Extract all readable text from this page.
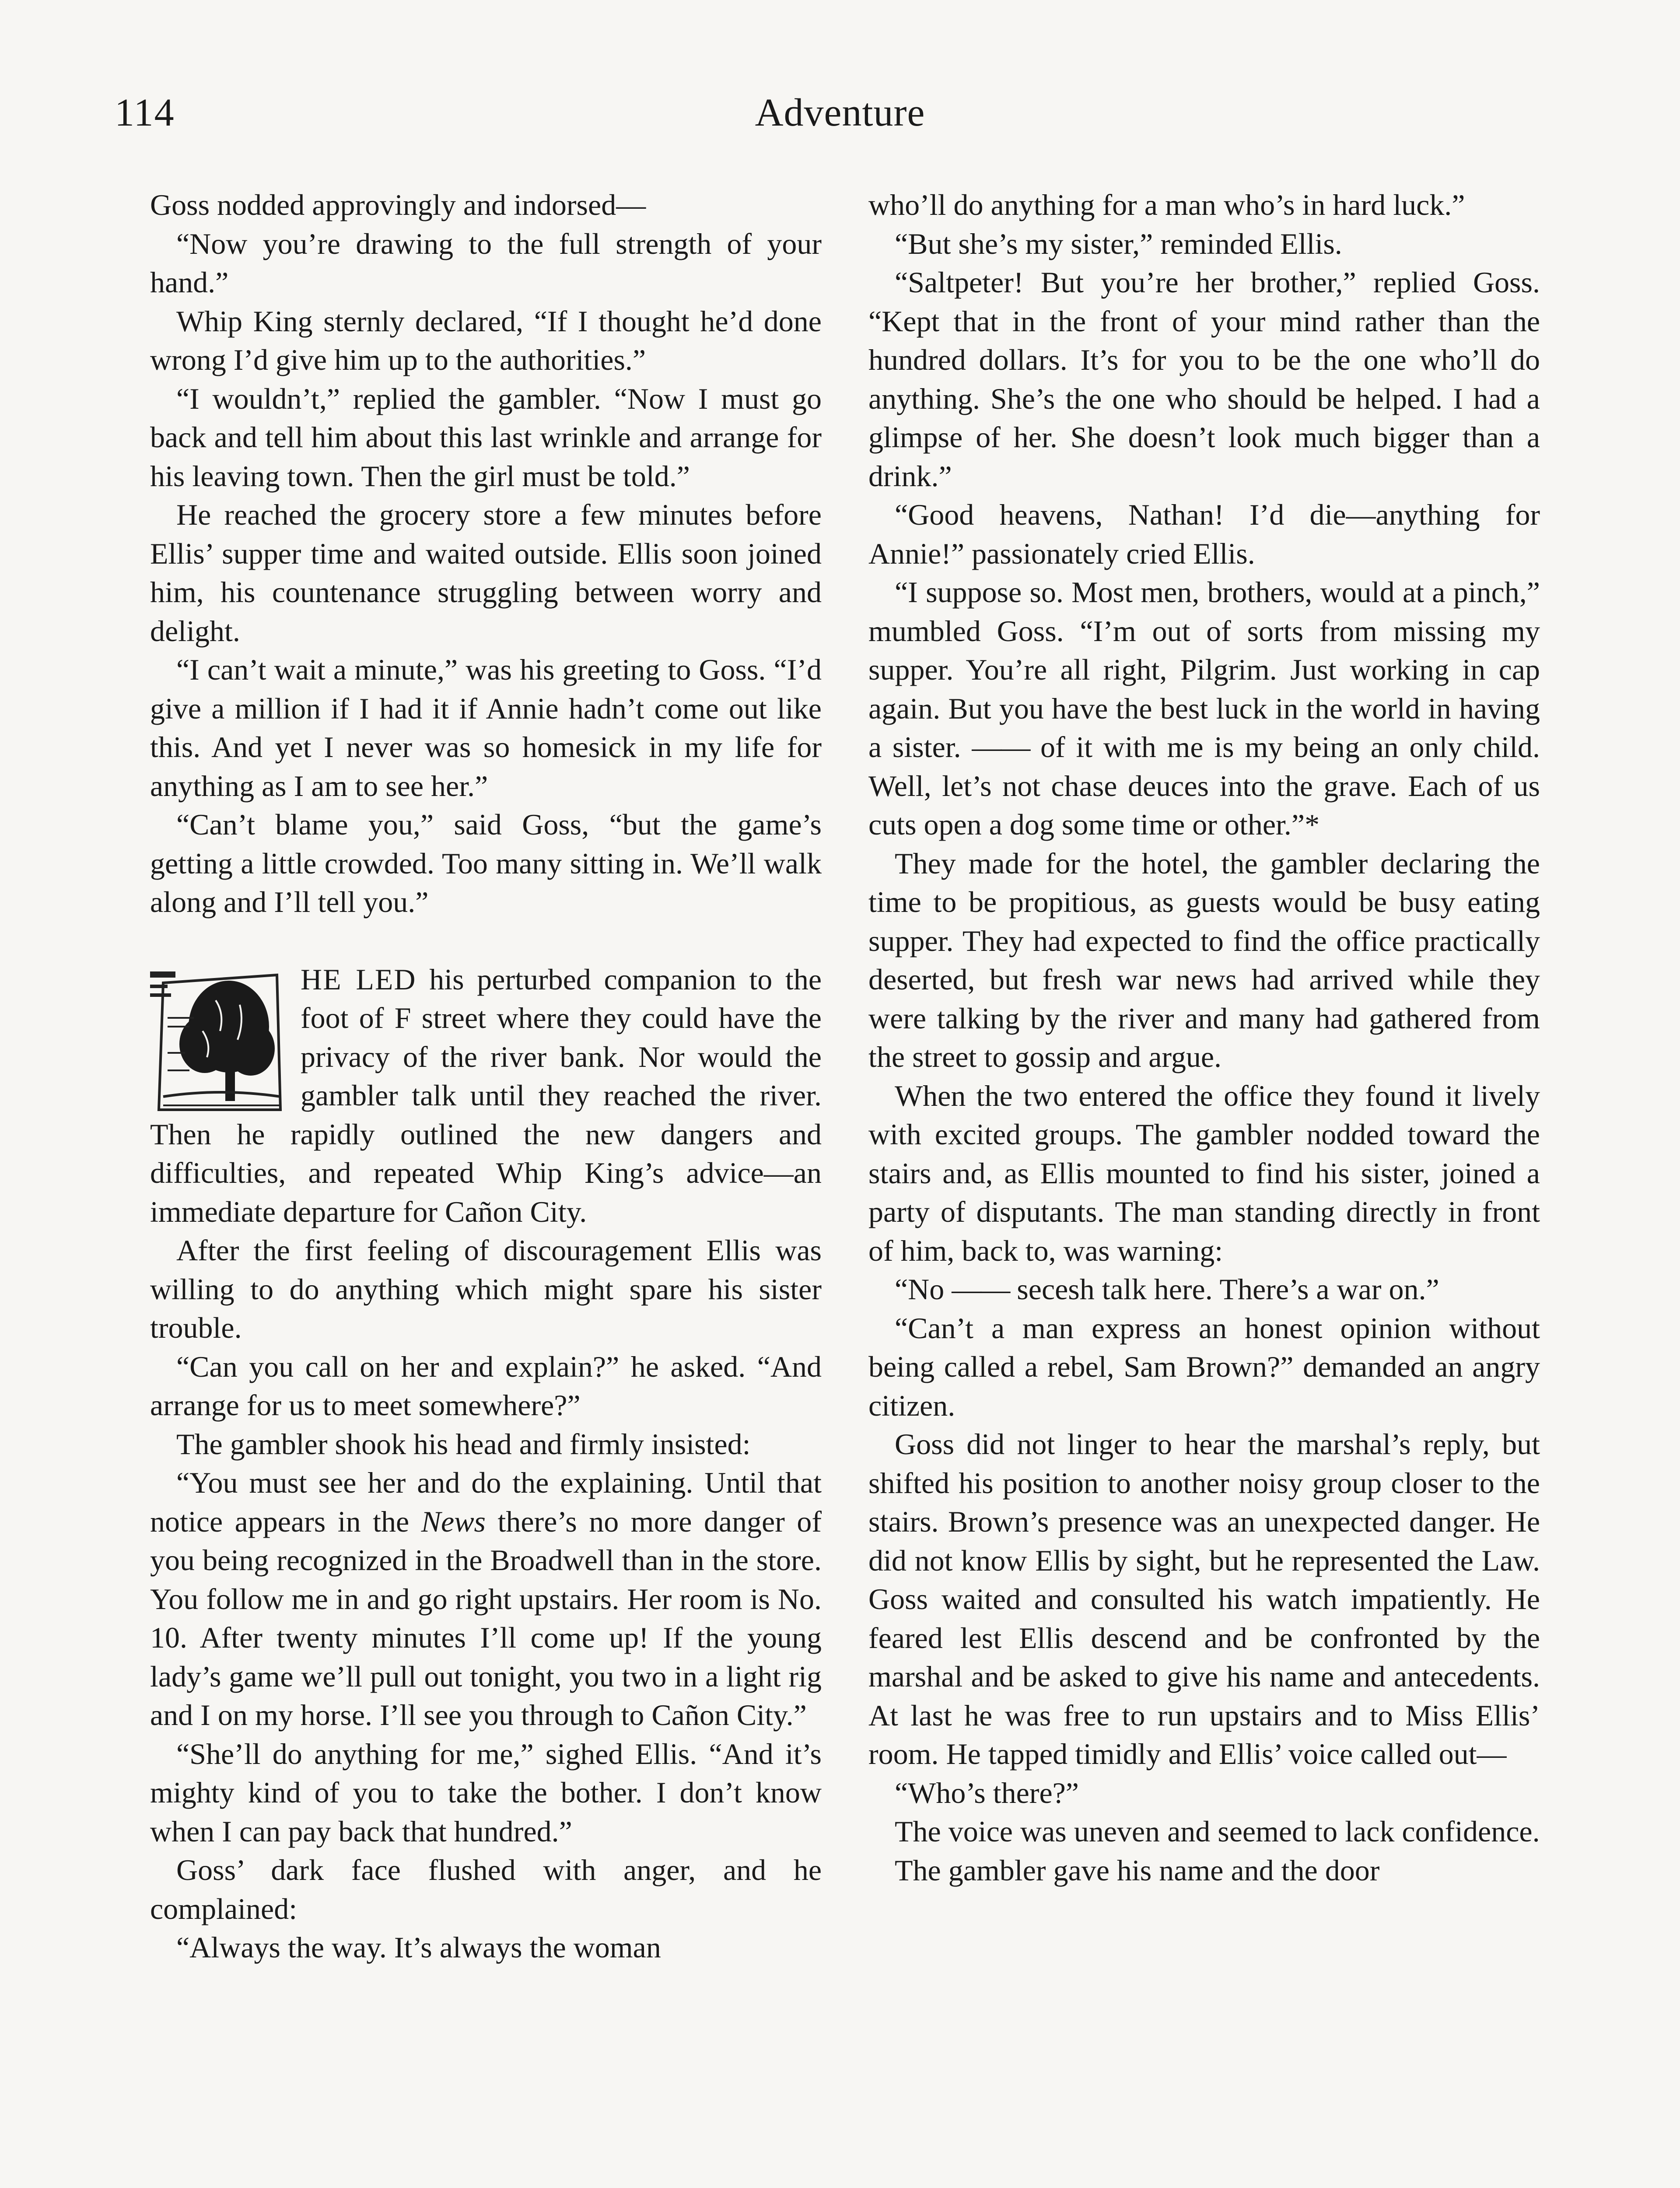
114	Adventure

Goss nodded approvingly and indorsed—

“Now you’re drawing to the full strength of your hand.”

Whip King sternly declared, “If I thought he’d done wrong I’d give him up to the authorities.”

“I wouldn’t,” replied the gambler. “Now I must go back and tell him about this last wrinkle and arrange for his leaving town. Then the girl must be told.”

He reached the grocery store a few minutes before Ellis’ supper time and waited outside. Ellis soon joined him, his countenance struggling between worry and delight.

“I can’t wait a minute,” was his greeting to Goss. “I’d give a million if I had it if Annie hadn’t come out like this. And yet I never was so homesick in my life for anything as I am to see her.”

“Can’t blame you,” said Goss, “but the game’s getting a little crowded. Too many sitting in. We’ll walk along and I’ll tell you.”

HE LED his perturbed companion to the foot of F street where they could have the privacy of the river bank. Nor would the gambler talk until they reached the river. Then he rapidly outlined the new dangers and difficulties, and repeated Whip King’s advice—an immediate departure for Cañon City.

After the first feeling of discouragement Ellis was willing to do anything which might spare his sister trouble.

“Can you call on her and explain?” he asked. “And arrange for us to meet somewhere?”

The gambler shook his head and firmly insisted:

“You must see her and do the explaining. Until that notice appears in the News there’s no more danger of you being recognized in the Broadwell than in the store. You follow me in and go right upstairs. Her room is No. 10. After twenty minutes I’ll come up! If the young lady’s game we’ll pull out tonight, you two in a light rig and I on my horse. I’ll see you through to Cañon City.”

“She’ll do anything for me,” sighed Ellis. “And it’s mighty kind of you to take the bother. I don’t know when I can pay back that hundred.”

Goss’ dark face flushed with anger, and he complained:

“Always the way. It’s always the woman

who’ll do anything for a man who’s in hard luck.”

“But she’s my sister,” reminded Ellis.

“Saltpeter! But you’re her brother,” replied Goss. “Kept that in the front of your mind rather than the hundred dollars. It’s for you to be the one who’ll do anything. She’s the one who should be helped. I had a glimpse of her. She doesn’t look much bigger than a drink.”

“Good heavens, Nathan! I’d die—anything for Annie!” passionately cried Ellis.

“I suppose so. Most men, brothers, would at a pinch,” mumbled Goss. “I’m out of sorts from missing my supper. You’re all right, Pilgrim. Just working in cap again. But you have the best luck in the world in having a sister. —— of it with me is my being an only child. Well, let’s not chase deuces into the grave. Each of us cuts open a dog some time or other.”*

They made for the hotel, the gambler declaring the time to be propitious, as guests would be busy eating supper. They had expected to find the office practically deserted, but fresh war news had arrived while they were talking by the river and many had gathered from the street to gossip and argue.

When the two entered the office they found it lively with excited groups. The gambler nodded toward the stairs and, as Ellis mounted to find his sister, joined a party of disputants. The man standing directly in front of him, back to, was warning:

“No —— secesh talk here. There’s a war on.”

“Can’t a man express an honest opinion without being called a rebel, Sam Brown?” demanded an angry citizen.

Goss did not linger to hear the marshal’s reply, but shifted his position to another noisy group closer to the stairs. Brown’s presence was an unexpected danger. He did not know Ellis by sight, but he represented the Law. Goss waited and consulted his watch impatiently. He feared lest Ellis descend and be confronted by the marshal and be asked to give his name and antecedents. At last he was free to run upstairs and to Miss Ellis’ room. He tapped timidly and Ellis’ voice called out—

“Who’s there?”

The voice was uneven and seemed to lack confidence.

The gambler gave his name and the door
